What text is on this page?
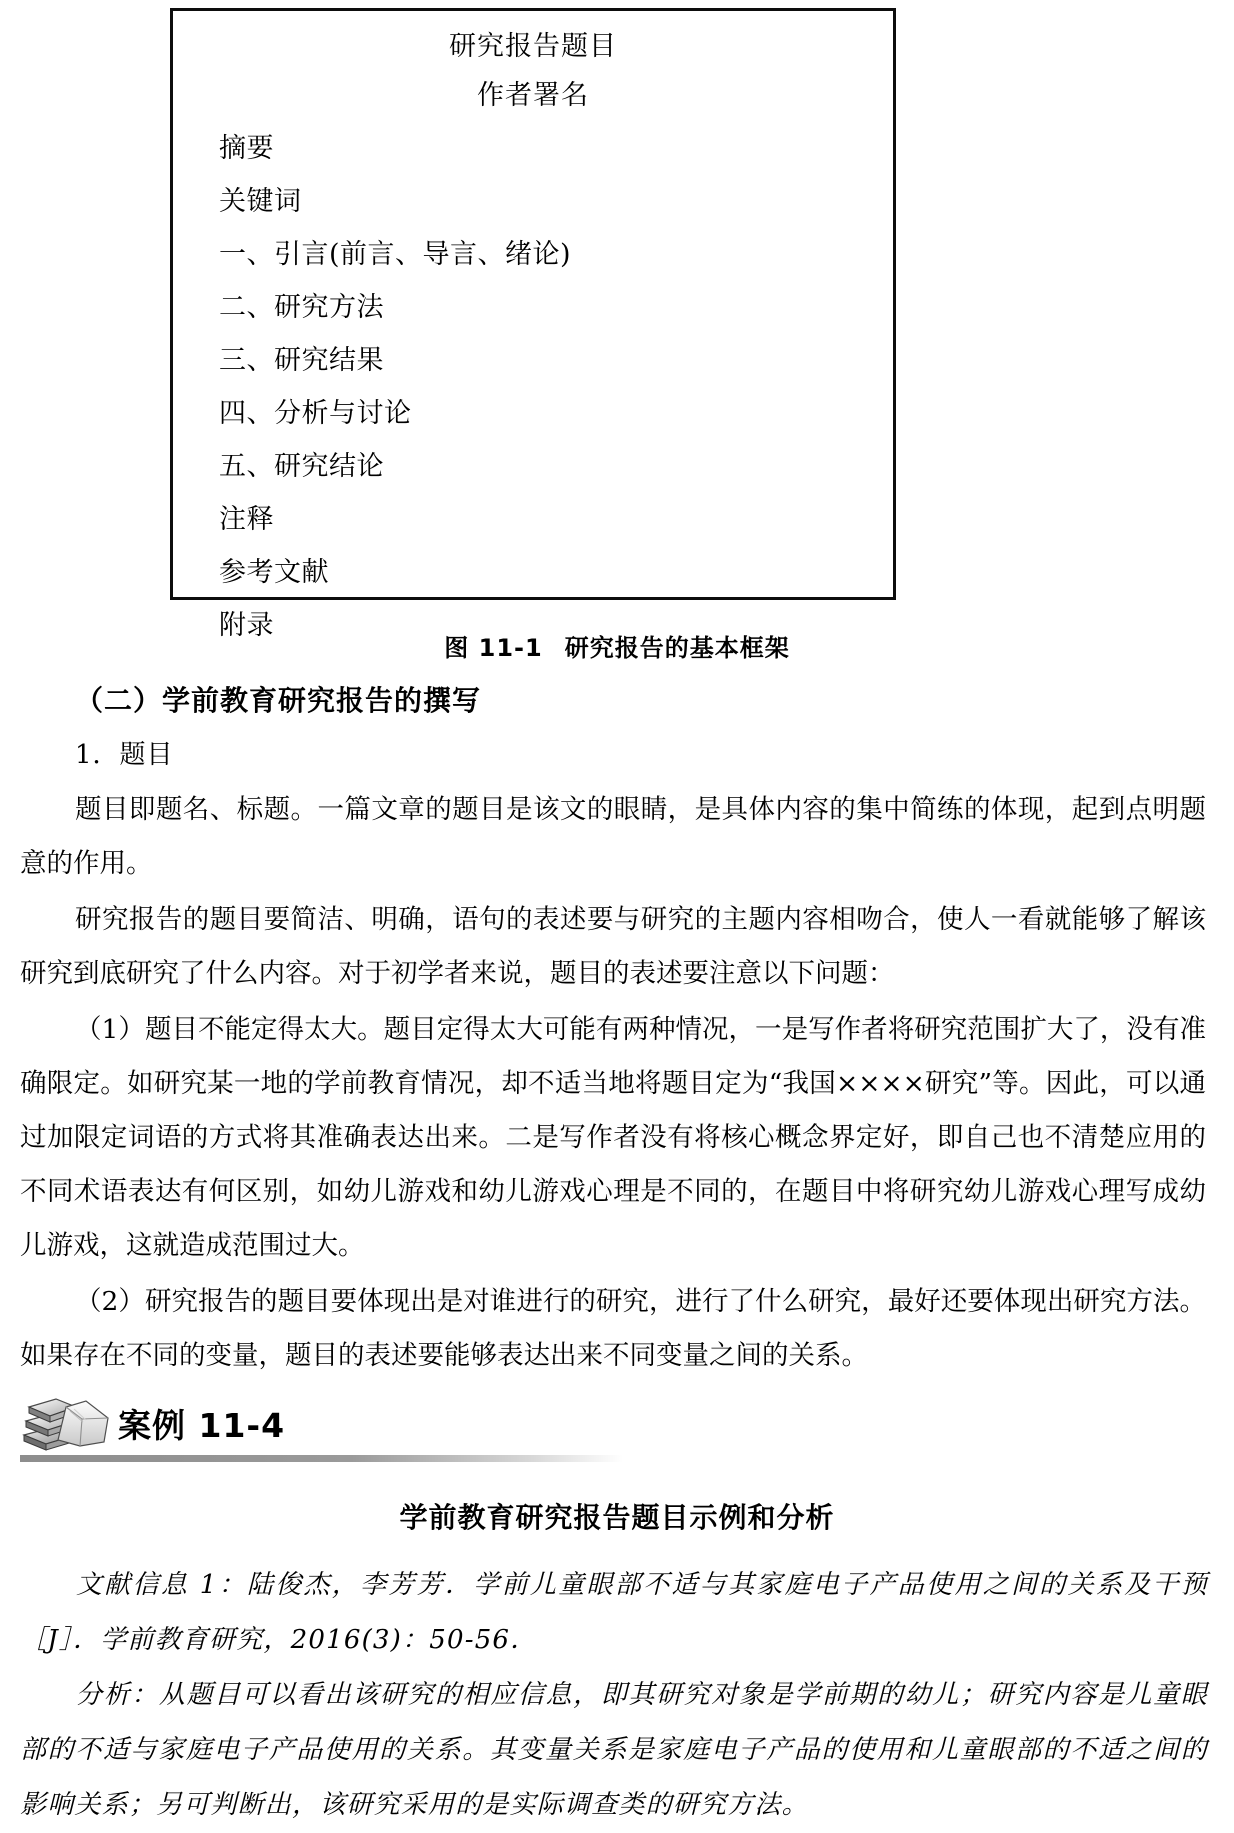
研究报告题目
作者署名
摘要
关键词
一、引言(前言、导言、绪论)
二、研究方法
三、研究结果
四、分析与讨论
五、研究结论
注释
参考文献
附录
图 11-1 研究报告的基本框架
（二）学前教育研究报告的撰写
1．题目

题目即题名、标题。一篇文章的题目是该文的眼睛，是具体内容的集中简练的体现，起到点明题意的作用。

研究报告的题目要简洁、明确，语句的表述要与研究的主题内容相吻合，使人一看就能够了解该研究到底研究了什么内容。对于初学者来说，题目的表述要注意以下问题：

（1）题目不能定得太大。题目定得太大可能有两种情况，一是写作者将研究范围扩大了，没有准确限定。如研究某一地的学前教育情况，却不适当地将题目定为“我国××××研究”等。因此，可以通过加限定词语的方式将其准确表达出来。二是写作者没有将核心概念界定好，即自己也不清楚应用的不同术语表达有何区别，如幼儿游戏和幼儿游戏心理是不同的，在题目中将研究幼儿游戏心理写成幼儿游戏，这就造成范围过大。

（2）研究报告的题目要体现出是对谁进行的研究，进行了什么研究，最好还要体现出研究方法。如果存在不同的变量，题目的表述要能够表达出来不同变量之间的关系。

案例 11-4
学前教育研究报告题目示例和分析

文献信息 1：陆俊杰，李芳芳．学前儿童眼部不适与其家庭电子产品使用之间的关系及干预［J］．学前教育研究，2016(3)：50-56．

分析：从题目可以看出该研究的相应信息，即其研究对象是学前期的幼儿；研究内容是儿童眼部的不适与家庭电子产品使用的关系。其变量关系是家庭电子产品的使用和儿童眼部的不适之间的影响关系；另可判断出，该研究采用的是实际调查类的研究方法。
